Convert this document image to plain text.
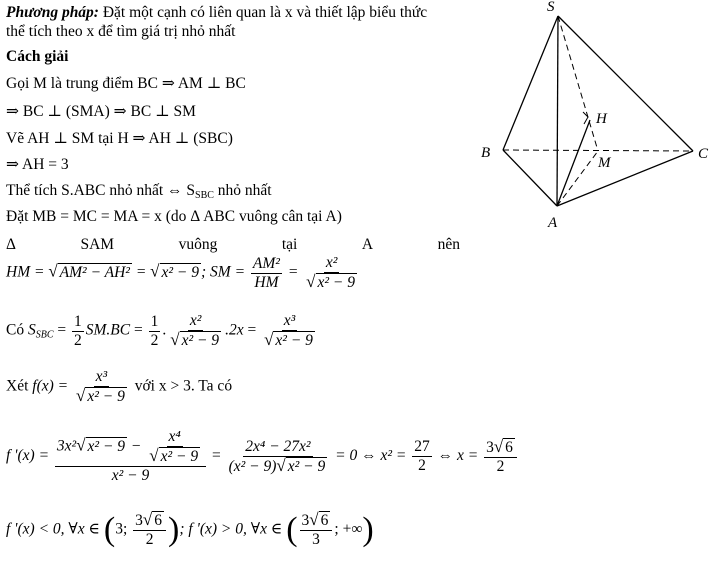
Phương pháp: Đặt một cạnh có liên quan là x và thiết lập biểu thức
thể tích theo x để tìm giá trị nhỏ nhất
Cách giải
Gọi M là trung điểm BC ⇒ AM ⊥ BC
⇒ BC ⊥ (SMA) ⇒ BC ⊥ SM
Vẽ AH ⊥ SM tại H ⇒ AH ⊥ (SBC)
⇒ AH = 3
Thể tích S.ABC nhỏ nhất ⇔ $S_{SBC}$ nhỏ nhất
Đặt MB = MC = MA = x (do Δ ABC vuông cân tại A)
Δ	SAM	vuông	tại	A	nên
HM = √ AM² − AH² = √ x² − 9 ; SM = $\frac{\text{AM²}}{HM} = \frac{\text{x²}}{\text{√ x² − 9}}$
Có $S_{SBC} = \frac{1}{2} SM.BC = \frac{1}{2}$ . $\frac{\text{x²}}{\text{√ x² − 9}} .2x = \frac{\text{x³}}{\text{√ x² − 9}}$
Xét $f(x) = \frac{\text{x³}}{\text{√ x² − 9}}$ với x > 3. Ta có
f '$(x) = \frac{3x^2√ x^2 - 9 - \frac{\text{x⁴}}{\text{√ x² − 9}}}{\text{x² − 9}} = \frac{\text{2x⁴ − 27x²}}{\text{(x² − 9)√ x² − 9}} = 0$ ⇔ $x^2 = \frac{27}{2}$ ⇔ $x = \frac{3√ 6}{2}$
f '(x) < 0, ∀x ∈ (3; $\frac{3√ 6}{2}$ ); f '(x) > 0, ∀x ∈ ( $\frac{3√ 6}{3}$ ; +∞)
S
H
B	C
M
A
